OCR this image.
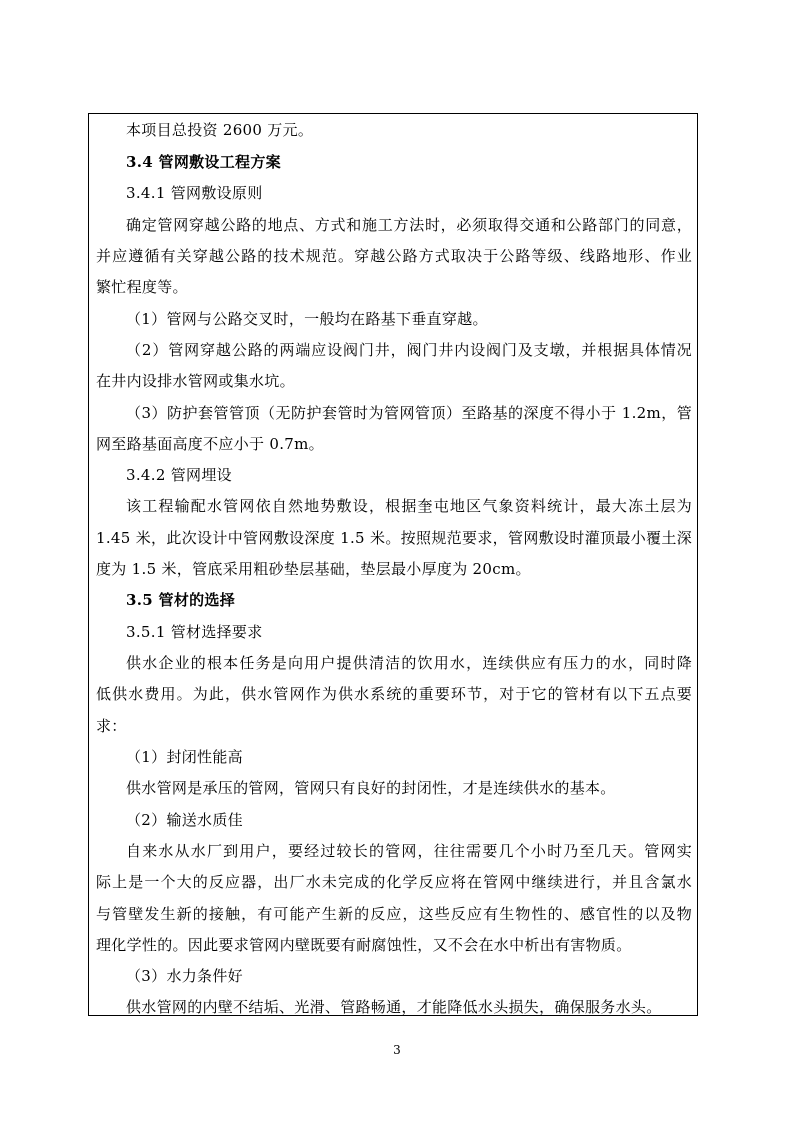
本项目总投资 2600 万元。
3.4 管网敷设工程方案
3.4.1 管网敷设原则
确定管网穿越公路的地点、方式和施工方法时，必须取得交通和公路部门的同意，
并应遵循有关穿越公路的技术规范。穿越公路方式取决于公路等级、线路地形、作业
繁忙程度等。
（1）管网与公路交叉时，一般均在路基下垂直穿越。
（2）管网穿越公路的两端应设阀门井，阀门井内设阀门及支墩，并根据具体情况
在井内设排水管网或集水坑。
（3）防护套管管顶（无防护套管时为管网管顶）至路基的深度不得小于 1.2m，管
网至路基面高度不应小于 0.7m。
3.4.2 管网埋设
该工程输配水管网依自然地势敷设，根据奎屯地区气象资料统计，最大冻土层为
1.45 米，此次设计中管网敷设深度 1.5 米。按照规范要求，管网敷设时灌顶最小覆土深
度为 1.5 米，管底采用粗砂垫层基础，垫层最小厚度为 20cm。
3.5 管材的选择
3.5.1 管材选择要求
供水企业的根本任务是向用户提供清洁的饮用水，连续供应有压力的水，同时降
低供水费用。为此，供水管网作为供水系统的重要环节，对于它的管材有以下五点要
求：
（1）封闭性能高
供水管网是承压的管网，管网只有良好的封闭性，才是连续供水的基本。
（2）输送水质佳
自来水从水厂到用户，要经过较长的管网，往往需要几个小时乃至几天。管网实
际上是一个大的反应器，出厂水未完成的化学反应将在管网中继续进行，并且含氯水
与管壁发生新的接触，有可能产生新的反应，这些反应有生物性的、感官性的以及物
理化学性的。因此要求管网内壁既要有耐腐蚀性，又不会在水中析出有害物质。
（3）水力条件好
供水管网的内壁不结垢、光滑、管路畅通，才能降低水头损失，确保服务水头。
3
